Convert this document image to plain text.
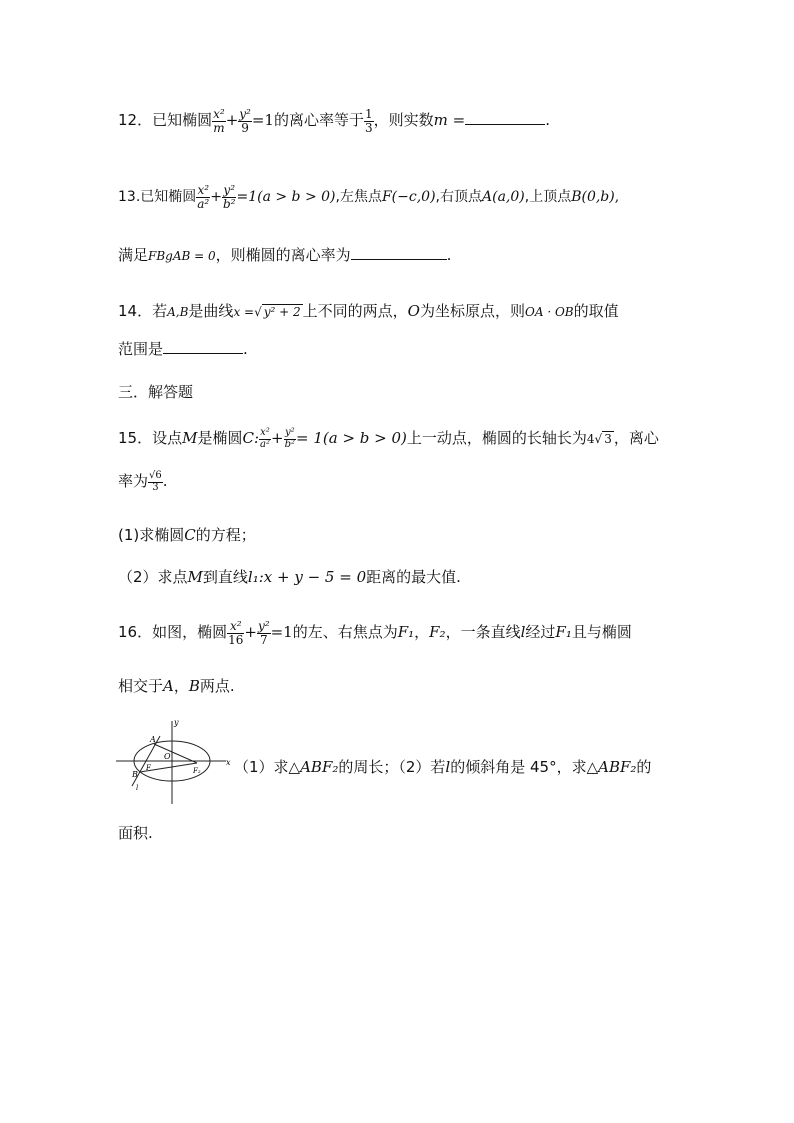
12．已知椭圆 $\frac{\text{x²}}{m} + \frac{\text{y²}}{9} =1$的离心率等于 $\frac{1}{3}$ ，则实数m =	.
13.已知椭圆 $\frac{\text{x²}}{\text{a²}} + \frac{\text{y²}}{\text{b²}} =1(a > b > 0)$,左焦点F(−c,0),右顶点A(a,0),上顶点B(0,b),
满足FBgAB = 0，则椭圆的离心率为	.
14．若A,B是曲线x =√ y² + 2 上不同的两点，O为坐标原点，则OA · OB的取值
范围是	.
三．解答题
15．设点M是椭圆C: $\frac{\text{x²}}{\text{a²}} + \frac{\text{y²}}{\text{b²}} = 1(a > b > 0)$上一动点，椭圆的长轴长为4√ 3 ，离心
率为 $\frac{√6}{3}$ .
(1)求椭圆C的方程；
（2）求点M到直线l₁:x + y − 5 = 0距离的最大值.
16．如图，椭圆 $\frac{\text{x²}}{16} + \frac{\text{y²}}{7} =1$的左、右焦点为F₁，F₂，一条直线l经过F₁且与椭圆
相交于A，B两点.
x
y
A
B
F
O
F₂
l
（1）求△ABF₂的周长；（2）若l的倾斜角是 45°，求△ABF₂的
面积.
